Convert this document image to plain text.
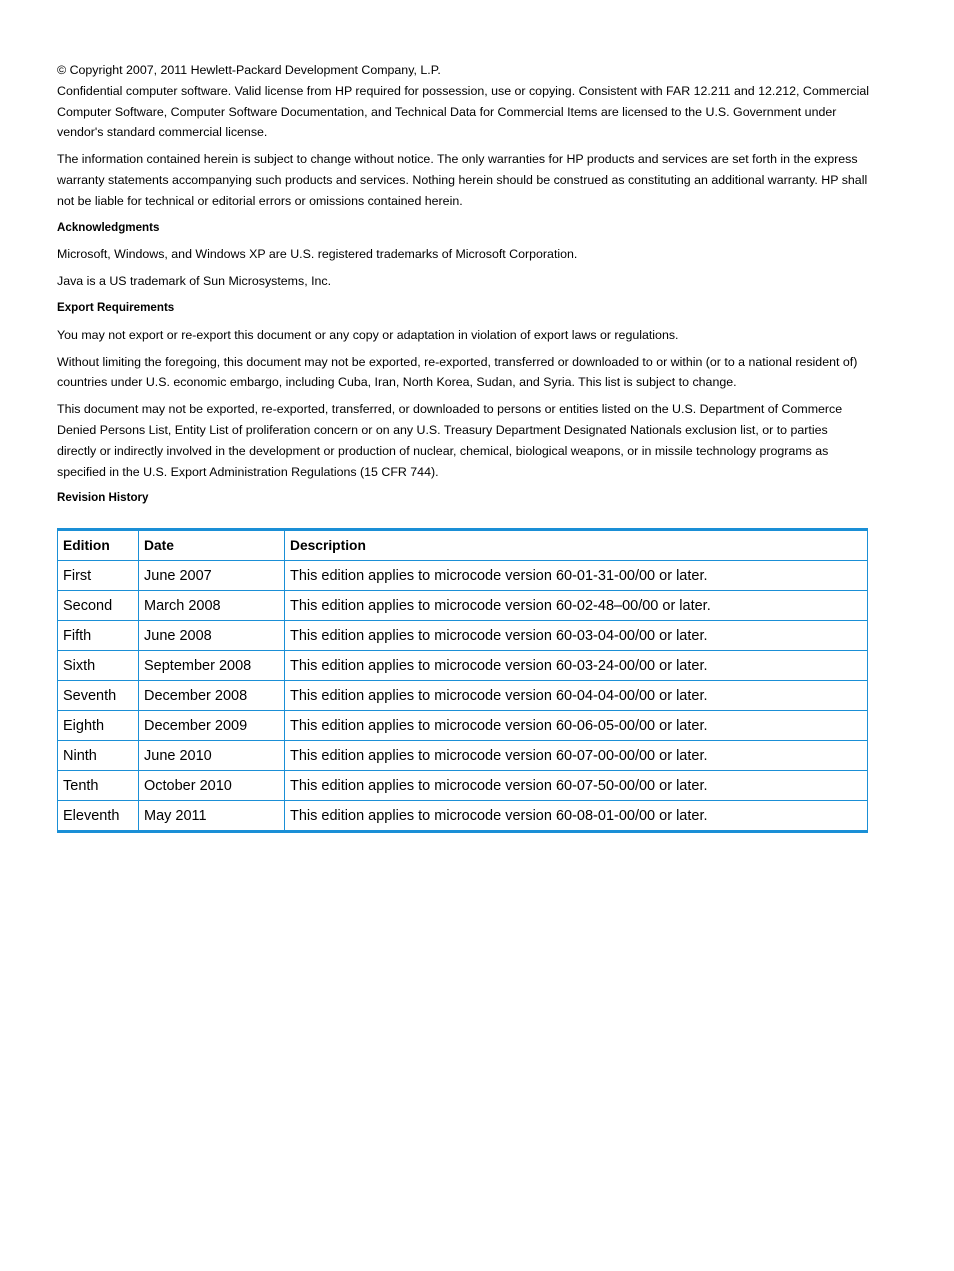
© Copyright 2007, 2011 Hewlett-Packard Development Company, L.P.

Confidential computer software. Valid license from HP required for possession, use or copying. Consistent with FAR 12.211 and 12.212, Commercial Computer Software, Computer Software Documentation, and Technical Data for Commercial Items are licensed to the U.S. Government under vendor's standard commercial license.

The information contained herein is subject to change without notice. The only warranties for HP products and services are set forth in the express warranty statements accompanying such products and services. Nothing herein should be construed as constituting an additional warranty. HP shall not be liable for technical or editorial errors or omissions contained herein.

Acknowledgments

Microsoft, Windows, and Windows XP are U.S. registered trademarks of Microsoft Corporation.

Java is a US trademark of Sun Microsystems, Inc.

Export Requirements

You may not export or re-export this document or any copy or adaptation in violation of export laws or regulations.

Without limiting the foregoing, this document may not be exported, re-exported, transferred or downloaded to or within (or to a national resident of) countries under U.S. economic embargo, including Cuba, Iran, North Korea, Sudan, and Syria. This list is subject to change.

This document may not be exported, re-exported, transferred, or downloaded to persons or entities listed on the U.S. Department of Commerce Denied Persons List, Entity List of proliferation concern or on any U.S. Treasury Department Designated Nationals exclusion list, or to parties directly or indirectly involved in the development or production of nuclear, chemical, biological weapons, or in missile technology programs as specified in the U.S. Export Administration Regulations (15 CFR 744).

Revision History

Edition	Date	Description
First	June 2007	This edition applies to microcode version 60-01-31-00/00 or later.
Second	March 2008	This edition applies to microcode version 60-02-48–00/00 or later.
Fifth	June 2008	This edition applies to microcode version 60-03-04-00/00 or later.
Sixth	September 2008	This edition applies to microcode version 60-03-24-00/00 or later.
Seventh	December 2008	This edition applies to microcode version 60-04-04-00/00 or later.
Eighth	December 2009	This edition applies to microcode version 60-06-05-00/00 or later.
Ninth	June 2010	This edition applies to microcode version 60-07-00-00/00 or later.
Tenth	October 2010	This edition applies to microcode version 60-07-50-00/00 or later.
Eleventh	May 2011	This edition applies to microcode version 60-08-01-00/00 or later.
